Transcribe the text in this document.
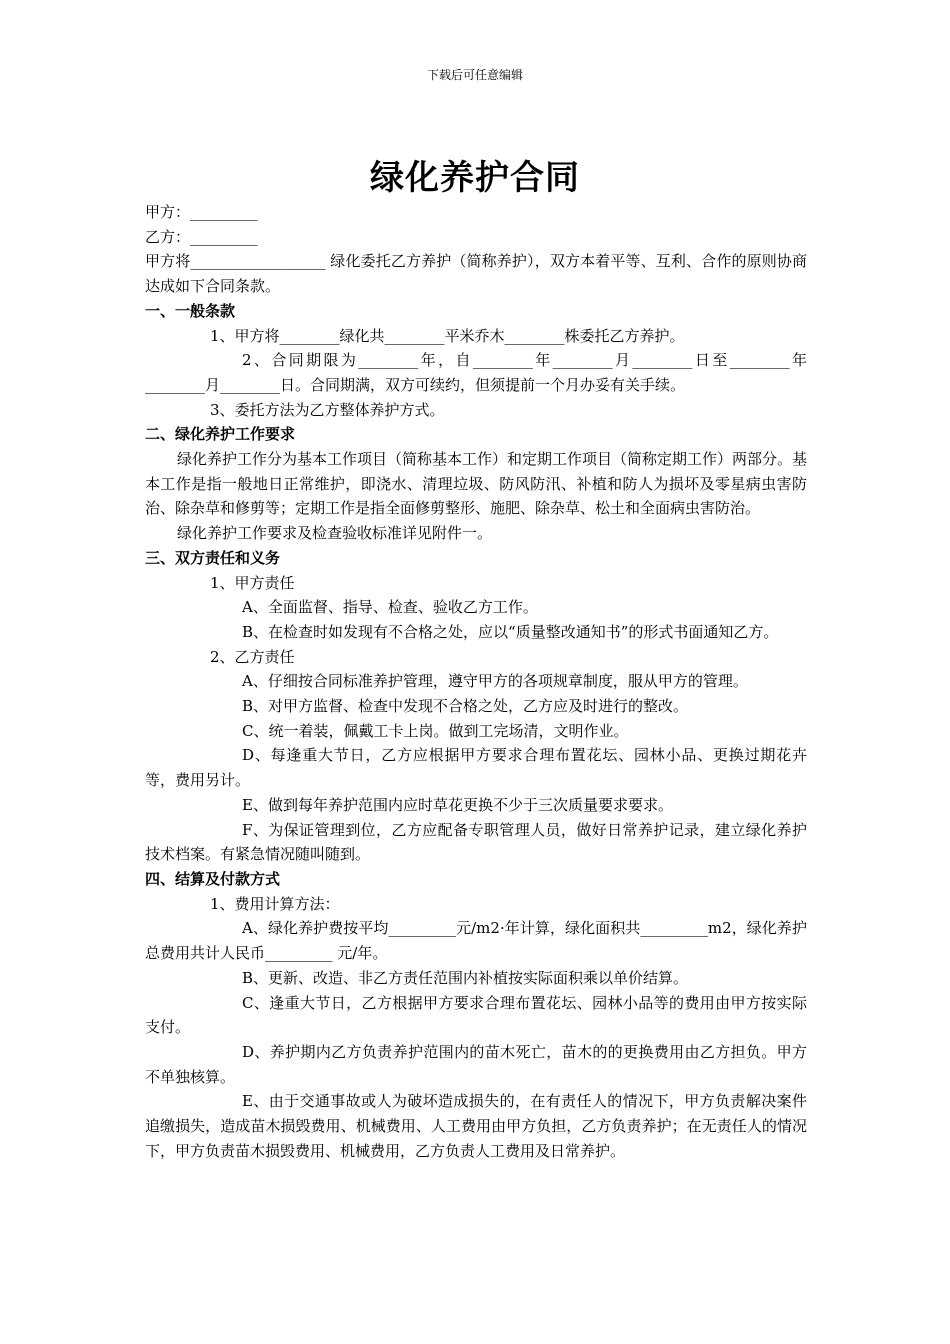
下载后可任意编辑
绿化养护合同

甲方：_________

乙方：_________

甲方将__________________ 绿化委托乙方养护（简称养护），双方本着平等、互利、合作的原则协商达成如下合同条款。

一、一般条款

1、甲方将________绿化共________平米乔木________株委托乙方养护。

2、合同期限为________年，自________年________月________日至________年________月________日。合同期满，双方可续约，但须提前一个月办妥有关手续。

3、委托方法为乙方整体养护方式。

二、绿化养护工作要求

绿化养护工作分为基本工作项目（简称基本工作）和定期工作项目（简称定期工作）两部分。基本工作是指一般地日正常维护，即浇水、清理垃圾、防风防汛、补植和防人为损坏及零星病虫害防治、除杂草和修剪等；定期工作是指全面修剪整形、施肥、除杂草、松土和全面病虫害防治。

绿化养护工作要求及检查验收标准详见附件一。

三、双方责任和义务

1、甲方责任

A、全面监督、指导、检查、验收乙方工作。

B、在检查时如发现有不合格之处，应以“质量整改通知书”的形式书面通知乙方。

2、乙方责任

A、仔细按合同标准养护管理，遵守甲方的各项规章制度，服从甲方的管理。

B、对甲方监督、检查中发现不合格之处，乙方应及时进行的整改。

C、统一着装，佩戴工卡上岗。做到工完场清，文明作业。

D、每逢重大节日，乙方应根据甲方要求合理布置花坛、园林小品、更换过期花卉等，费用另计。

E、做到每年养护范围内应时草花更换不少于三次质量要求要求。

F、为保证管理到位，乙方应配备专职管理人员，做好日常养护记录，建立绿化养护技术档案。有紧急情况随叫随到。

四、结算及付款方式

1、费用计算方法：

A、绿化养护费按平均_________元/m2·年计算，绿化面积共_________m2，绿化养护总费用共计人民币_________ 元/年。

B、更新、改造、非乙方责任范围内补植按实际面积乘以单价结算。

C、逢重大节日，乙方根据甲方要求合理布置花坛、园林小品等的费用由甲方按实际支付。

D、养护期内乙方负责养护范围内的苗木死亡，苗木的的更换费用由乙方担负。甲方不单独核算。

E、由于交通事故或人为破坏造成损失的，在有责任人的情况下，甲方负责解决案件追缴损失，造成苗木损毁费用、机械费用、人工费用由甲方负担，乙方负责养护；在无责任人的情况下，甲方负责苗木损毁费用、机械费用，乙方负责人工费用及日常养护。
